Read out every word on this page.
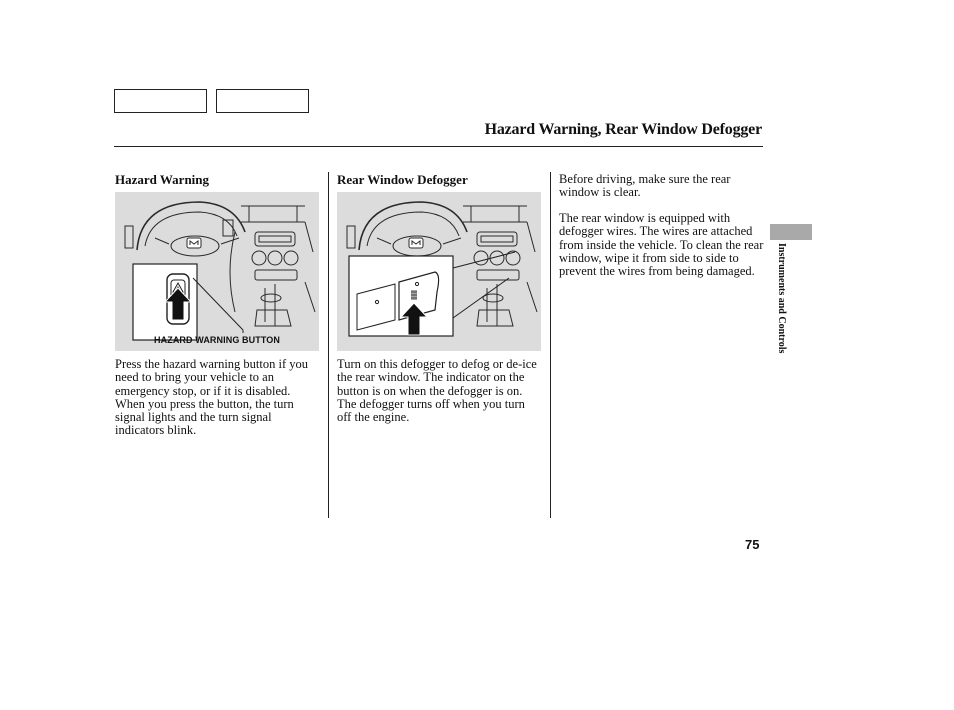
Hazard Warning, Rear Window Defogger
Hazard Warning
HAZARD WARNING BUTTON
Press the hazard warning button if you need to bring your vehicle to an emergency stop, or if it is disabled. When you press the button, the turn signal lights and the turn signal indicators blink.
Rear Window Defogger
Turn on this defogger to defog or de-ice the rear window. The indicator on the button is on when the defogger is on. The defogger turns off when you turn off the engine.
Before driving, make sure the rear window is clear.
The rear window is equipped with defogger wires. The wires are attached from inside the vehicle. To clean the rear window, wipe it from side to side to prevent the wires from being damaged.	Instruments and Controls
75
